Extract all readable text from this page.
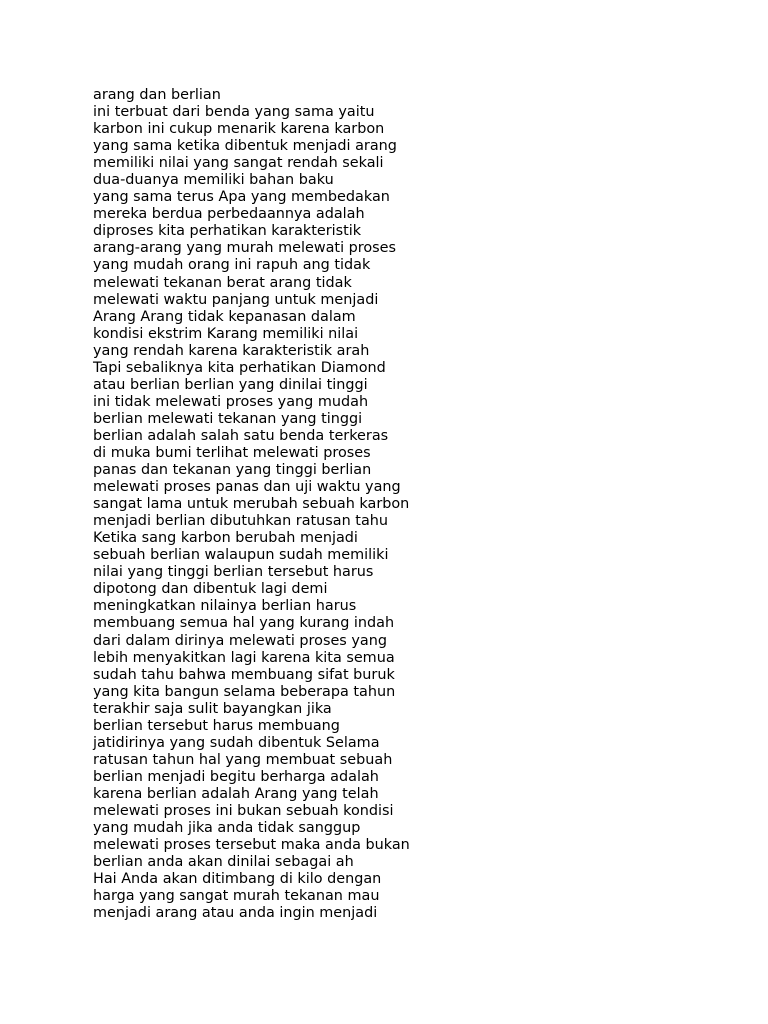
arang dan berlian
ini terbuat dari benda yang sama yaitu
karbon ini cukup menarik karena karbon
yang sama ketika dibentuk menjadi arang
memiliki nilai yang sangat rendah sekali
dua-duanya memiliki bahan baku
yang sama terus Apa yang membedakan
mereka berdua perbedaannya adalah
diproses kita perhatikan karakteristik
arang-arang yang murah melewati proses
yang mudah orang ini rapuh ang tidak
melewati tekanan berat arang tidak
melewati waktu panjang untuk menjadi
Arang Arang tidak kepanasan dalam
kondisi ekstrim Karang memiliki nilai
yang rendah karena karakteristik arah
Tapi sebaliknya kita perhatikan Diamond
atau berlian berlian yang dinilai tinggi
ini tidak melewati proses yang mudah
berlian melewati tekanan yang tinggi
berlian adalah salah satu benda terkeras
di muka bumi terlihat melewati proses
panas dan tekanan yang tinggi berlian
melewati proses panas dan uji waktu yang
sangat lama untuk merubah sebuah karbon
menjadi berlian dibutuhkan ratusan tahu
Ketika sang karbon berubah menjadi
sebuah berlian walaupun sudah memiliki
nilai yang tinggi berlian tersebut harus
dipotong dan dibentuk lagi demi
meningkatkan nilainya berlian harus
membuang semua hal yang kurang indah
dari dalam dirinya melewati proses yang
lebih menyakitkan lagi karena kita semua
sudah tahu bahwa membuang sifat buruk
yang kita bangun selama beberapa tahun
terakhir saja sulit bayangkan jika
berlian tersebut harus membuang
jatidirinya yang sudah dibentuk Selama
ratusan tahun hal yang membuat sebuah
berlian menjadi begitu berharga adalah
karena berlian adalah Arang yang telah
melewati proses ini bukan sebuah kondisi
yang mudah jika anda tidak sanggup
melewati proses tersebut maka anda bukan
berlian anda akan dinilai sebagai ah
Hai Anda akan ditimbang di kilo dengan
harga yang sangat murah tekanan mau
menjadi arang atau anda ingin menjadi
